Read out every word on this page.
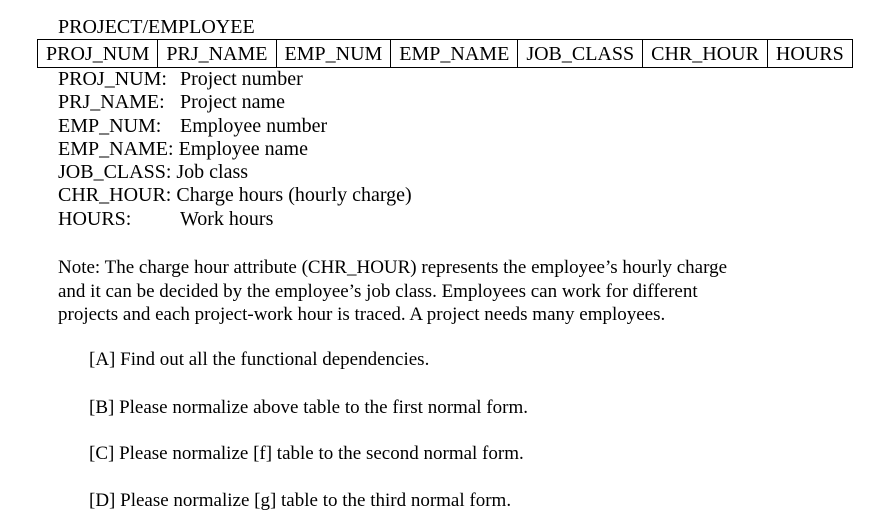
PROJECT/EMPLOYEE
PROJ_NUM	PRJ_NAME	EMP_NUM	EMP_NAME	JOB_CLASS	CHR_HOUR	HOURS
PROJ_NUM: Project number
PRJ_NAME: Project name
EMP_NUM: Employee number
EMP_NAME: Employee name
JOB_CLASS: Job class
CHR_HOUR: Charge hours (hourly charge)
HOURS:	Work hours

Note: The charge hour attribute (CHR_HOUR) represents the employee’s hourly charge

and it can be decided by the employee’s job class. Employees can work for different

projects and each project-work hour is traced. A project needs many employees.

[A] Find out all the functional dependencies.
[B] Please normalize above table to the first normal form.
[C] Please normalize [f] table to the second normal form.
[D] Please normalize [g] table to the third normal form.
